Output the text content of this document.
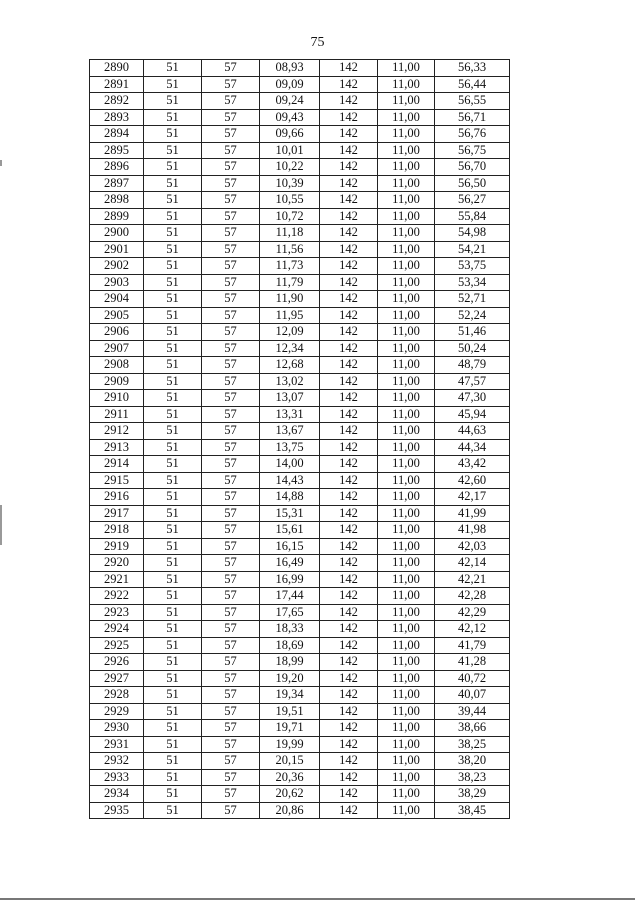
75
2890	51	57	08,93	142	11,00	56,33
2891	51	57	09,09	142	11,00	56,44
2892	51	57	09,24	142	11,00	56,55
2893	51	57	09,43	142	11,00	56,71
2894	51	57	09,66	142	11,00	56,76
2895	51	57	10,01	142	11,00	56,75
2896	51	57	10,22	142	11,00	56,70
2897	51	57	10,39	142	11,00	56,50
2898	51	57	10,55	142	11,00	56,27
2899	51	57	10,72	142	11,00	55,84
2900	51	57	11,18	142	11,00	54,98
2901	51	57	11,56	142	11,00	54,21
2902	51	57	11,73	142	11,00	53,75
2903	51	57	11,79	142	11,00	53,34
2904	51	57	11,90	142	11,00	52,71
2905	51	57	11,95	142	11,00	52,24
2906	51	57	12,09	142	11,00	51,46
2907	51	57	12,34	142	11,00	50,24
2908	51	57	12,68	142	11,00	48,79
2909	51	57	13,02	142	11,00	47,57
2910	51	57	13,07	142	11,00	47,30
2911	51	57	13,31	142	11,00	45,94
2912	51	57	13,67	142	11,00	44,63
2913	51	57	13,75	142	11,00	44,34
2914	51	57	14,00	142	11,00	43,42
2915	51	57	14,43	142	11,00	42,60
2916	51	57	14,88	142	11,00	42,17
2917	51	57	15,31	142	11,00	41,99
2918	51	57	15,61	142	11,00	41,98
2919	51	57	16,15	142	11,00	42,03
2920	51	57	16,49	142	11,00	42,14
2921	51	57	16,99	142	11,00	42,21
2922	51	57	17,44	142	11,00	42,28
2923	51	57	17,65	142	11,00	42,29
2924	51	57	18,33	142	11,00	42,12
2925	51	57	18,69	142	11,00	41,79
2926	51	57	18,99	142	11,00	41,28
2927	51	57	19,20	142	11,00	40,72
2928	51	57	19,34	142	11,00	40,07
2929	51	57	19,51	142	11,00	39,44
2930	51	57	19,71	142	11,00	38,66
2931	51	57	19,99	142	11,00	38,25
2932	51	57	20,15	142	11,00	38,20
2933	51	57	20,36	142	11,00	38,23
2934	51	57	20,62	142	11,00	38,29
2935	51	57	20,86	142	11,00	38,45
